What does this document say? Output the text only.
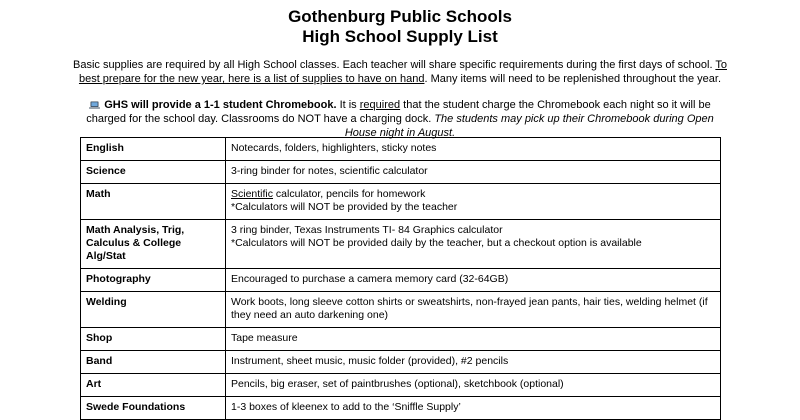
Gothenburg Public Schools
High School Supply List

Basic supplies are required by all High School classes. Each teacher will share specific requirements during the first days of school. To best prepare for the new year, here is a list of supplies to have on hand. Many items will need to be replenished throughout the year.

GHS will provide a 1-1 student Chromebook. It is required that the student charge the Chromebook each night so it will be charged for the school day. Classrooms do NOT have a charging dock. The students may pick up their Chromebook during Open House night in August.

English	Notecards, folders, highlighters, sticky notes
Science	3-ring binder for notes, scientific calculator
Math	Scientific calculator, pencils for homework
*Calculators will NOT be provided by the teacher
Math Analysis, Trig, Calculus & College Alg/Stat	3 ring binder, Texas Instruments TI- 84 Graphics calculator
*Calculators will NOT be provided daily by the teacher, but a checkout option is available
Photography	Encouraged to purchase a camera memory card (32-64GB)
Welding	Work boots, long sleeve cotton shirts or sweatshirts, non-frayed jean pants, hair ties, welding helmet (if they need an auto darkening one)
Shop	Tape measure
Band	Instrument, sheet music, music folder (provided), #2 pencils
Art	Pencils, big eraser, set of paintbrushes (optional), sketchbook (optional)
Swede Foundations	1-3 boxes of kleenex to add to the ‘Sniffle Supply’
